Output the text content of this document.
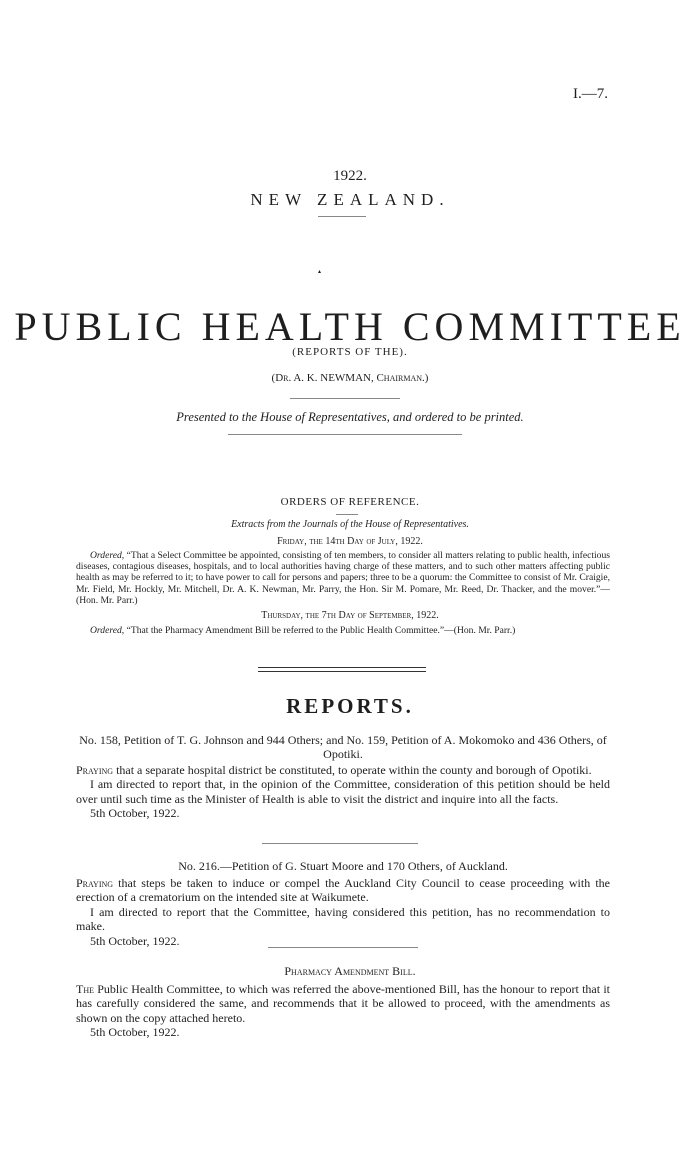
I.—7.
1922.
NEW ZEALAND.
▴
PUBLIC HEALTH COMMITTEE
(REPORTS OF THE).
(Dr. A. K. NEWMAN, Chairman.)
Presented to the House of Representatives, and ordered to be printed.
ORDERS OF REFERENCE.
Extracts from the Journals of the House of Representatives.
Friday, the 14th Day of July, 1922.

Ordered, “That a Select Committee be appointed, consisting of ten members, to consider all matters relating to public health, infectious diseases, contagious diseases, hospitals, and to local authorities having charge of these matters, and to such other matters affecting public health as may be referred to it; to have power to call for persons and papers; three to be a quorum: the Committee to consist of Mr. Craigie, Mr. Field, Mr. Hockly, Mr. Mitchell, Dr. A. K. Newman, Mr. Parry, the Hon. Sir M. Pomare, Mr. Reed, Dr. Thacker, and the mover.”—(Hon. Mr. Parr.)

Thursday, the 7th Day of September, 1922.

Ordered, “That the Pharmacy Amendment Bill be referred to the Public Health Committee.”—(Hon. Mr. Parr.)

REPORTS.
No. 158, Petition of T. G. Johnson and 944 Others; and No. 159, Petition of A. Mokomoko and 436 Others, of Opotiki.

Praying that a separate hospital district be constituted, to operate within the county and borough of Opotiki.

I am directed to report that, in the opinion of the Committee, consideration of this petition should be held over until such time as the Minister of Health is able to visit the district and inquire into all the facts.

5th October, 1922.

No. 216.—Petition of G. Stuart Moore and 170 Others, of Auckland.

Praying that steps be taken to induce or compel the Auckland City Council to cease proceeding with the erection of a crematorium on the intended site at Waikumete.

I am directed to report that the Committee, having considered this petition, has no recommendation to make.

5th October, 1922.

Pharmacy Amendment Bill.

The Public Health Committee, to which was referred the above-mentioned Bill, has the honour to report that it has carefully considered the same, and recommends that it be allowed to proceed, with the amendments as shown on the copy attached hereto.

5th October, 1922.
